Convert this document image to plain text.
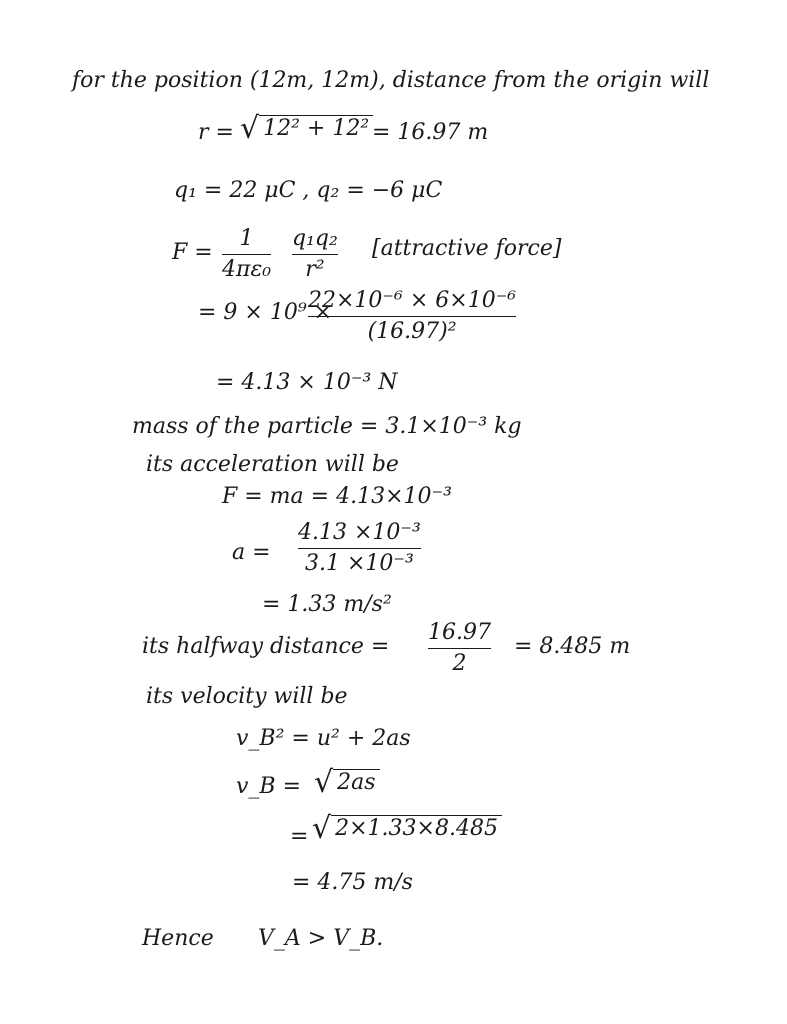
for the position (12m, 12m), distance from the origin will
r = √ 12² + 12² = 16.97 m
q₁ = 22 μC , q₂ = −6 μC
F =
1
4πε₀
q₁q₂
r²
[attractive force]
= 9 × 10⁹ ×
22×10⁻⁶ × 6×10⁻⁶
(16.97)²
= 4.13 × 10⁻³ N
mass of the particle = 3.1×10⁻³ kg
its acceleration will be
F = ma = 4.13×10⁻³
a =
4.13 ×10⁻³
3.1 ×10⁻³
= 1.33 m/s²
its halfway distance =
16.97
2
= 8.485 m
its velocity will be
v_B² = u² + 2as
v_B = √ 2as
= √ 2×1.33×8.485
= 4.75 m/s
Hence V_A > V_B.
